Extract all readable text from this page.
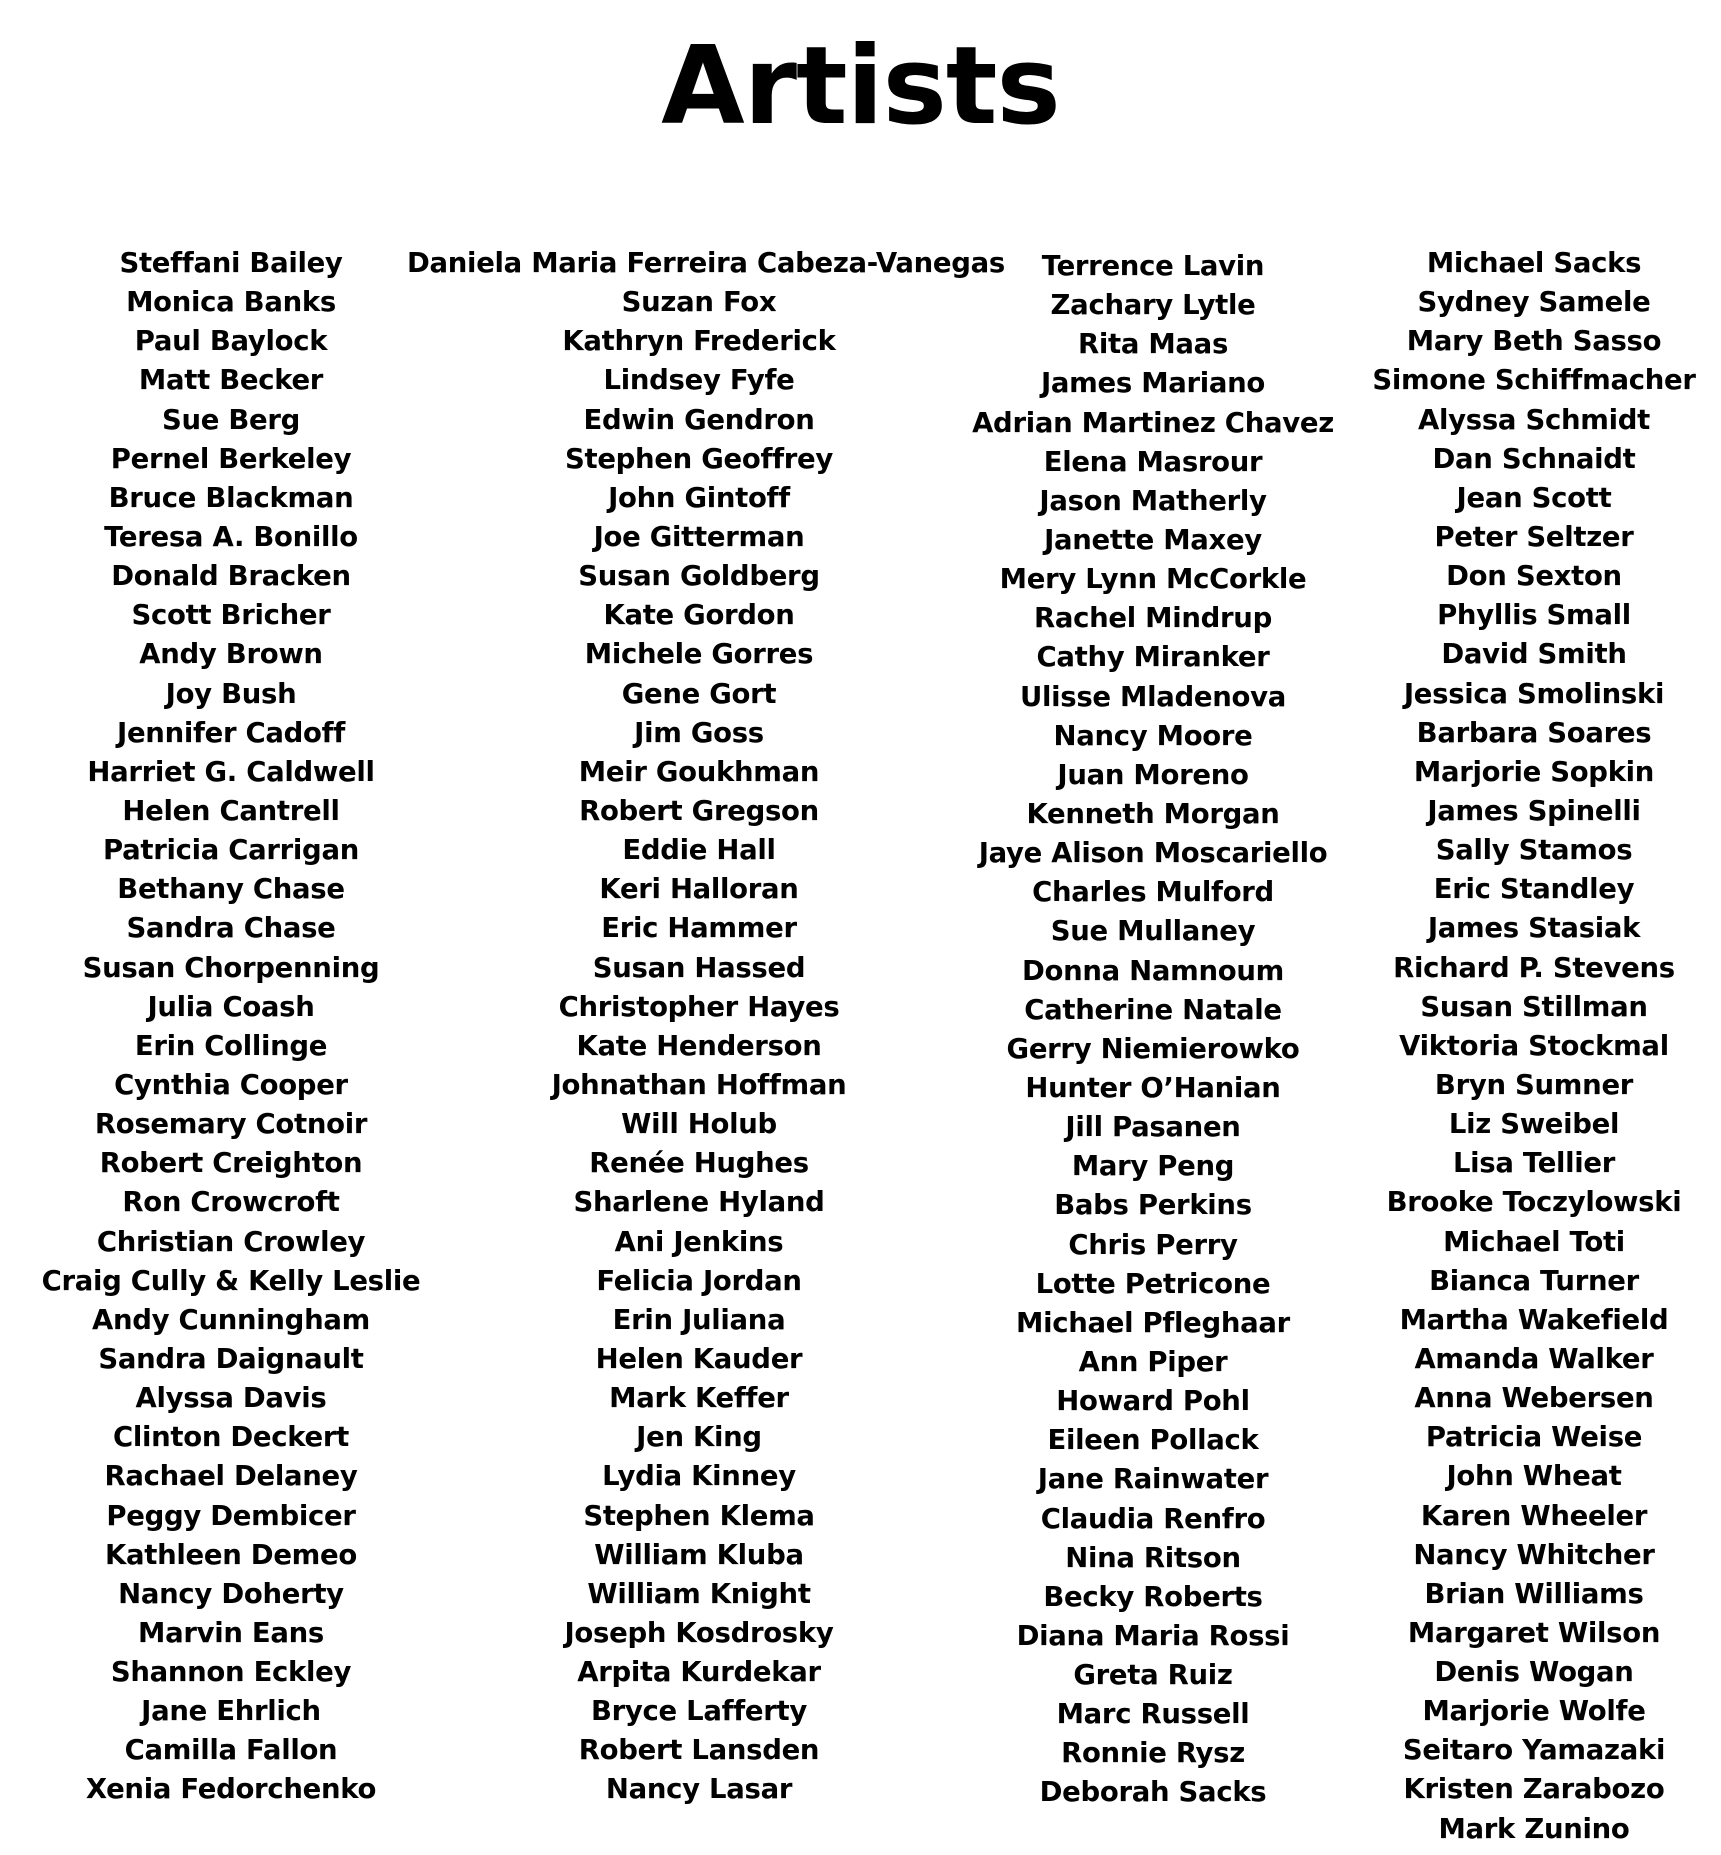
Artists
Steffani Bailey
Monica Banks
Paul Baylock
Matt Becker
Sue Berg
Pernel Berkeley
Bruce Blackman
Teresa A. Bonillo
Donald Bracken
Scott Bricher
Andy Brown
Joy Bush
Jennifer Cadoff
Harriet G. Caldwell
Helen Cantrell
Patricia Carrigan
Bethany Chase
Sandra Chase
Susan Chorpenning
Julia Coash
Erin Collinge
Cynthia Cooper
Rosemary Cotnoir
Robert Creighton
Ron Crowcroft
Christian Crowley
Craig Cully & Kelly Leslie
Andy Cunningham
Sandra Daignault
Alyssa Davis
Clinton Deckert
Rachael Delaney
Peggy Dembicer
Kathleen Demeo
Nancy Doherty
Marvin Eans
Shannon Eckley
Jane Ehrlich
Camilla Fallon
Xenia Fedorchenko
Daniela Maria Ferreira Cabeza-Vanegas
Suzan Fox
Kathryn Frederick
Lindsey Fyfe
Edwin Gendron
Stephen Geoffrey
John Gintoff
Joe Gitterman
Susan Goldberg
Kate Gordon
Michele Gorres
Gene Gort
Jim Goss
Meir Goukhman
Robert Gregson
Eddie Hall
Keri Halloran
Eric Hammer
Susan Hassed
Christopher Hayes
Kate Henderson
Johnathan Hoffman
Will Holub
Renée Hughes
Sharlene Hyland
Ani Jenkins
Felicia Jordan
Erin Juliana
Helen Kauder
Mark Keffer
Jen King
Lydia Kinney
Stephen Klema
William Kluba
William Knight
Joseph Kosdrosky
Arpita Kurdekar
Bryce Lafferty
Robert Lansden
Nancy Lasar
Terrence Lavin
Zachary Lytle
Rita Maas
James Mariano
Adrian Martinez Chavez
Elena Masrour
Jason Matherly
Janette Maxey
Mery Lynn McCorkle
Rachel Mindrup
Cathy Miranker
Ulisse Mladenova
Nancy Moore
Juan Moreno
Kenneth Morgan
Jaye Alison Moscariello
Charles Mulford
Sue Mullaney
Donna Namnoum
Catherine Natale
Gerry Niemierowko
Hunter O’Hanian
Jill Pasanen
Mary Peng
Babs Perkins
Chris Perry
Lotte Petricone
Michael Pfleghaar
Ann Piper
Howard Pohl
Eileen Pollack
Jane Rainwater
Claudia Renfro
Nina Ritson
Becky Roberts
Diana Maria Rossi
Greta Ruiz
Marc Russell
Ronnie Rysz
Deborah Sacks
Michael Sacks
Sydney Samele
Mary Beth Sasso
Simone Schiffmacher
Alyssa Schmidt
Dan Schnaidt
Jean Scott
Peter Seltzer
Don Sexton
Phyllis Small
David Smith
Jessica Smolinski
Barbara Soares
Marjorie Sopkin
James Spinelli
Sally Stamos
Eric Standley
James Stasiak
Richard P. Stevens
Susan Stillman
Viktoria Stockmal
Bryn Sumner
Liz Sweibel
Lisa Tellier
Brooke Toczylowski
Michael Toti
Bianca Turner
Martha Wakefield
Amanda Walker
Anna Webersen
Patricia Weise
John Wheat
Karen Wheeler
Nancy Whitcher
Brian Williams
Margaret Wilson
Denis Wogan
Marjorie Wolfe
Seitaro Yamazaki
Kristen Zarabozo
Mark Zunino
